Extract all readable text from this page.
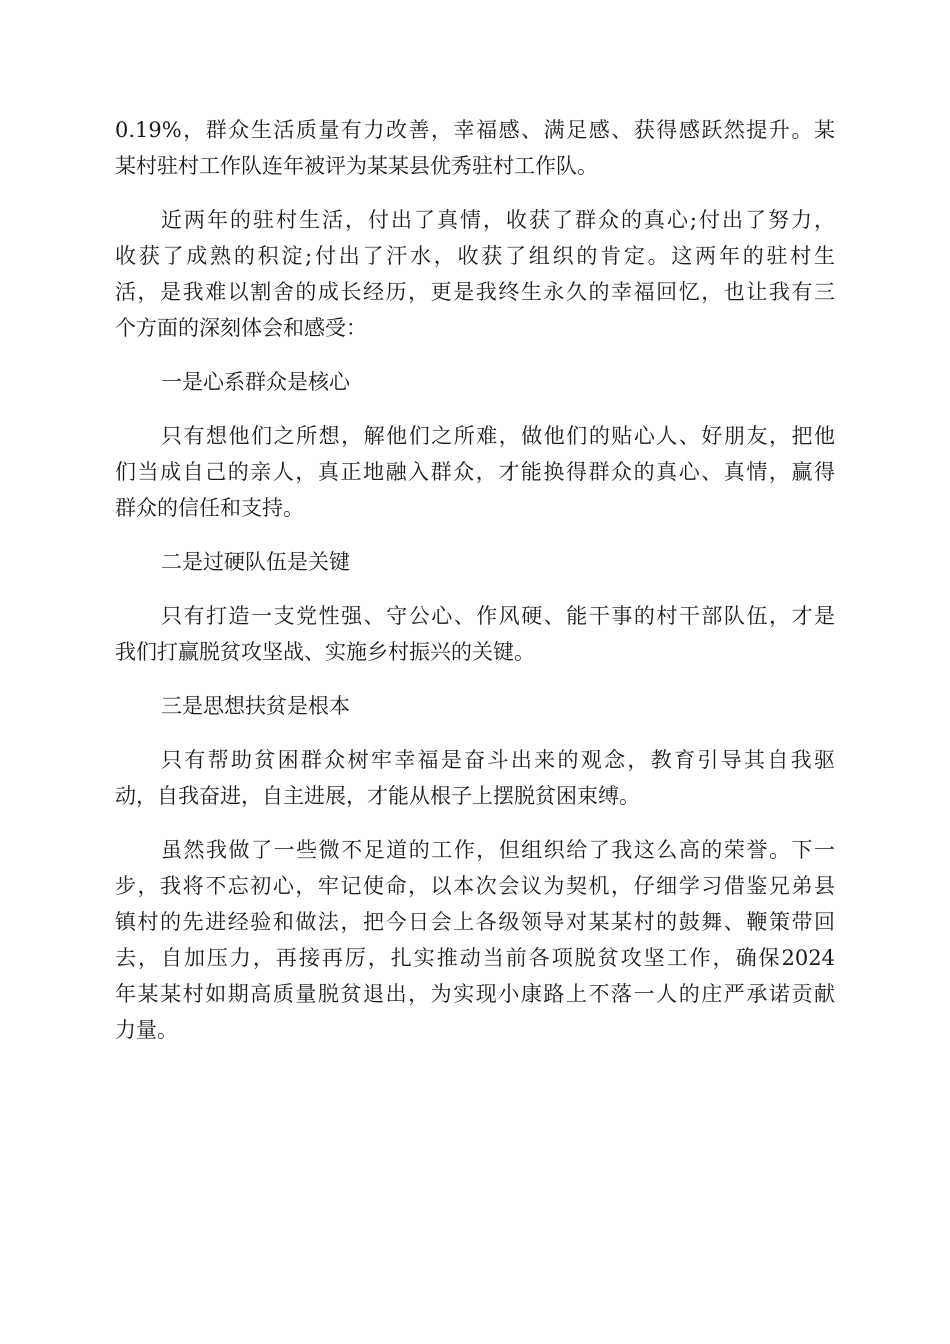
0.19%，群众生活质量有力改善，幸福感、满足感、获得感跃然提升。某
某村驻村工作队连年被评为某某县优秀驻村工作队。
近两年的驻村生活，付出了真情，收获了群众的真心;付出了努力，
收获了成熟的积淀;付出了汗水，收获了组织的肯定。这两年的驻村生
活，是我难以割舍的成长经历，更是我终生永久的幸福回忆，也让我有三
个方面的深刻体会和感受：
一是心系群众是核心
只有想他们之所想，解他们之所难，做他们的贴心人、好朋友，把他
们当成自己的亲人，真正地融入群众，才能换得群众的真心、真情，赢得
群众的信任和支持。
二是过硬队伍是关键
只有打造一支党性强、守公心、作风硬、能干事的村干部队伍，才是
我们打赢脱贫攻坚战、实施乡村振兴的关键。
三是思想扶贫是根本
只有帮助贫困群众树牢幸福是奋斗出来的观念，教育引导其自我驱
动，自我奋进，自主进展，才能从根子上摆脱贫困束缚。
虽然我做了一些微不足道的工作，但组织给了我这么高的荣誉。下一
步，我将不忘初心，牢记使命，以本次会议为契机，仔细学习借鉴兄弟县
镇村的先进经验和做法，把今日会上各级领导对某某村的鼓舞、鞭策带回
去，自加压力，再接再厉，扎实推动当前各项脱贫攻坚工作，确保2024
年某某村如期高质量脱贫退出，为实现小康路上不落一人的庄严承诺贡献
力量。
